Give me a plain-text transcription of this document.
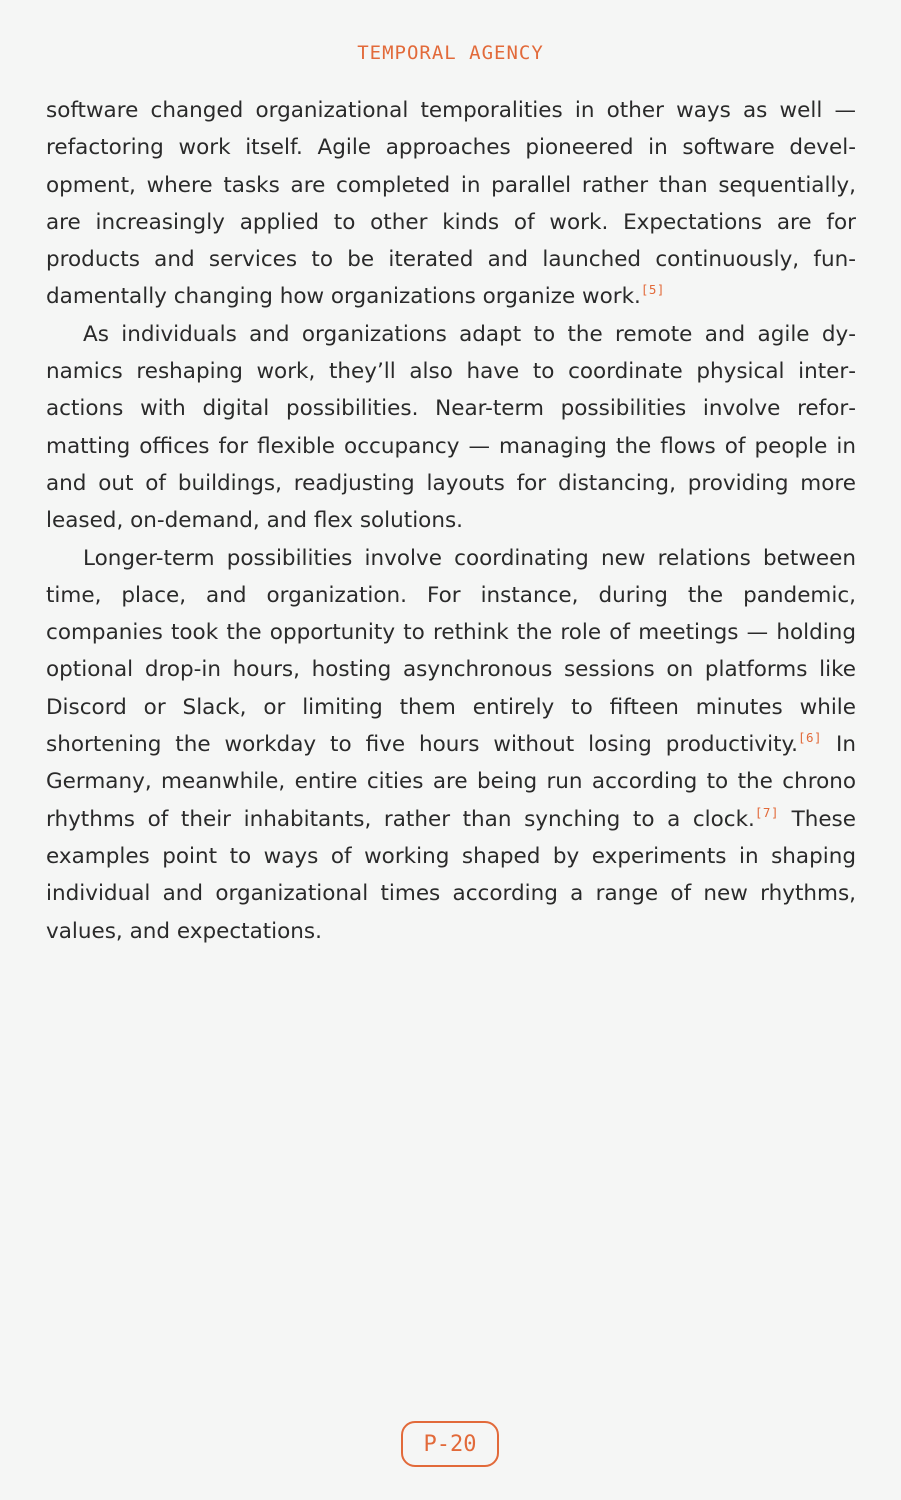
TEMPORAL AGENCY

software changed organizational temporalities in other ways as well — refactoring work itself. Agile approaches pioneered in software development, where tasks are completed in parallel rather than sequentially, are increasingly applied to other kinds of work. Expectations are for products and services to be iterated and launched continuously, fundamentally changing how organizations organize work.[5]

As individuals and organizations adapt to the remote and agile dynamics reshaping work, they’ll also have to coordinate physical interactions with digital possibilities. Near-term possibilities involve reformatting offices for flexible occupancy — managing the flows of people in and out of buildings, readjusting layouts for distancing, providing more leased, on-demand, and flex solutions.

Longer-term possibilities involve coordinating new relations between time, place, and organization. For instance, during the pandemic, companies took the opportunity to rethink the role of meetings — holding optional drop-in hours, hosting asynchronous sessions on platforms like Discord or Slack, or limiting them entirely to fifteen minutes while shortening the workday to five hours without losing productivity.[6] In Germany, meanwhile, entire cities are being run according to the chrono rhythms of their inhabitants, rather than synching to a clock.[7] These examples point to ways of working shaped by experiments in shaping individual and organizational times according a range of new rhythms, values, and expectations.

P-20
